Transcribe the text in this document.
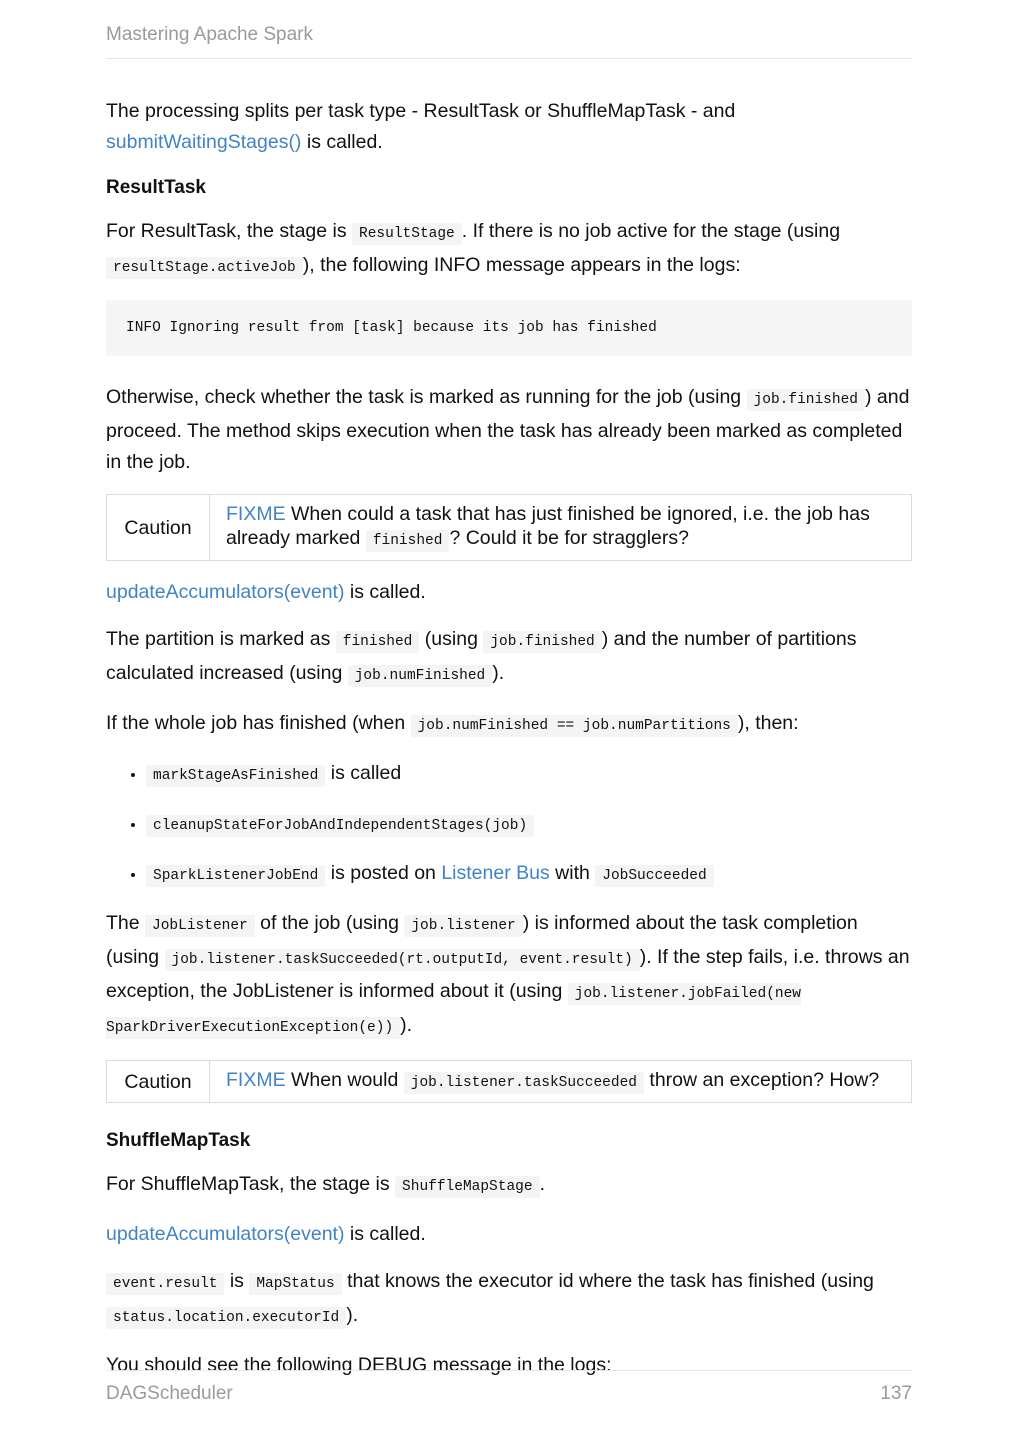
Mastering Apache Spark

The processing splits per task type - ResultTask or ShuffleMapTask - and submitWaitingStages() is called.

ResultTask

For ResultTask, the stage is ResultStage . If there is no job active for the stage (using resultStage.activeJob ), the following INFO message appears in the logs:

INFO Ignoring result from [task] because its job has finished

Otherwise, check whether the task is marked as running for the job (using job.finished ) and proceed. The method skips execution when the task has already been marked as completed in the job.

Caution
FIXME When could a task that has just finished be ignored, i.e. the job has already marked finished ? Could it be for stragglers?

updateAccumulators(event) is called.

The partition is marked as finished (using job.finished ) and the number of partitions calculated increased (using job.numFinished ).

If the whole job has finished (when job.numFinished == job.numPartitions ), then:

• markStageAsFinished is called
• cleanupStateForJobAndIndependentStages(job)
• SparkListenerJobEnd is posted on Listener Bus with JobSucceeded

The JobListener of the job (using job.listener ) is informed about the task completion (using job.listener.taskSucceeded(rt.outputId, event.result) ). If the step fails, i.e. throws an exception, the JobListener is informed about it (using job.listener.jobFailed(new SparkDriverExecutionException(e)) ).

Caution	FIXME When would job.listener.taskSucceeded throw an exception? How?
ShuffleMapTask

For ShuffleMapTask, the stage is ShuffleMapStage .

updateAccumulators(event) is called.

event.result is MapStatus that knows the executor id where the task has finished (using status.location.executorId ).

You should see the following DEBUG message in the logs:

DAGScheduler	137
